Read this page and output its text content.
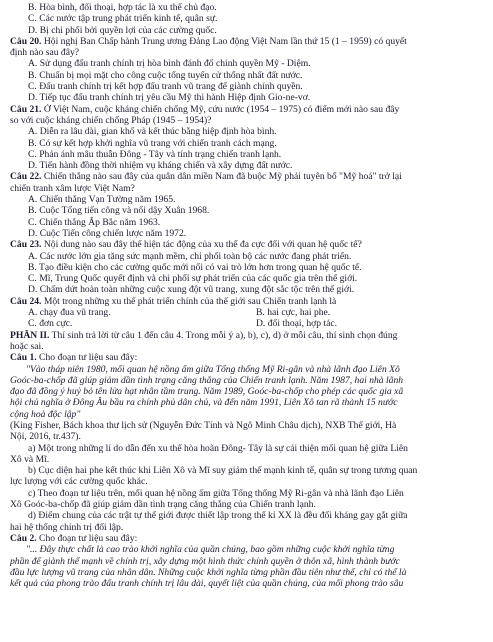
B. Hòa bình, đối thoại, hợp tác là xu thế chủ đạo.

C. Các nước tập trung phát triển kinh tế, quân sự.

D. Bị chi phối bởi quyền lợi của các cường quốc.

Câu 20. Hội nghị Ban Chấp hành Trung ương Đảng Lao động Việt Nam lần thứ 15 (1 – 1959) có quyết

định nào sau đây?

A. Sử dụng đấu tranh chính trị hòa bình đánh đổ chính quyền Mỹ - Diệm.

B. Chuẩn bị mọi mặt cho công cuộc tổng tuyển cử thống nhất đất nước.

C. Đấu tranh chính trị kết hợp đấu tranh vũ trang để giành chính quyền.

D. Tiếp tục đấu tranh chính trị yêu cầu Mỹ thi hành Hiệp định Gio-ne-vơ.

Câu 21. Ở Việt Nam, cuộc kháng chiến chống Mỹ, cứu nước (1954 – 1975) có điểm mới nào sau đây

so với cuộc kháng chiến chống Pháp (1945 – 1954)?

A. Diễn ra lâu dài, gian khổ và kết thúc bằng hiệp định hòa bình.

B. Có sự kết hợp khởi nghĩa vũ trang với chiến tranh cách mạng.

C. Phản ánh mâu thuẫn Đông - Tây và tính trạng chiến tranh lạnh.

D. Tiến hành đồng thời nhiệm vụ kháng chiến và xây dựng đất nước.

Câu 22. Chiến thắng nào sau đây của quân dân miền Nam đã buộc Mỹ phải tuyên bố "Mỹ hoá" trở lại

chiến tranh xâm lược Việt Nam?

A. Chiến thắng Vạn Tường năm 1965.

B. Cuộc Tổng tiến công và nổi dậy Xuân 1968.

C. Chiến thắng Ấp Bắc năm 1963.

D. Cuộc Tiến công chiến lược năm 1972.

Câu 23. Nội dung nào sau đây thể hiện tác động của xu thế đa cực đối với quan hệ quốc tế?

A. Các nước lớn gia tăng sức mạnh mềm, chi phối toàn bộ các nước đang phát triển.

B. Tạo điều kiện cho các cường quốc mới nổi có vai trò lớn hơn trong quan hệ quốc tế.

C. Mĩ, Trung Quốc quyết định và chi phối sự phát triển của các quốc gia trên thế giới.

D. Chấm dứt hoàn toàn những cuộc xung đột vũ trang, xung đột sắc tộc trên thế giới.

Câu 24. Một trong những xu thế phát triển chính của thế giới sau Chiến tranh lạnh là

A. chạy đua vũ trang.	B. hai cực, hai phe.
C. đơn cực.	D. đối thoại, hợp tác.

PHẦN II. Thí sinh trả lời từ câu 1 đến câu 4. Trong mỗi ý a), b), c), d) ở mỗi câu, thí sinh chọn đúng

hoặc sai.

Câu 1. Cho đoạn tư liệu sau đây:

"Vào tháp niên 1980, mối quan hệ nồng ấm giữa Tổng thống Mỹ Ri-gân và nhà lãnh đạo Liên Xô

Goóc-ba-chốp đã giúp giảm dần tình trạng căng thẳng của Chiến tranh lạnh. Năm 1987, hai nhà lãnh

đạo đã đồng ý huỷ bỏ tên lửa hạt nhân tầm trung. Năm 1989, Goóc-ba-chốp cho phép các quốc gia xã

hội chủ nghĩa ở Đông Âu bầu ra chính phủ dân chủ, và đến năm 1991, Liên Xô tan rã thành 15 nước

cộng hoà độc lập"

(King Fisher, Bách khoa thư lịch sử (Nguyễn Đức Tính và Ngô Minh Châu dịch), NXB Thế giới, Hà

Nội, 2016, tr.437).

a) Một trong những lí do dẫn đến xu thế hòa hoãn Đông- Tây là sự cải thiện mối quan hệ giữa Liên

Xô và Mĩ.

b) Cục diện hai phe kết thúc khi Liên Xô và Mĩ suy giảm thế mạnh kinh tế, quân sự trong tương quan

lực lượng với các cường quốc khác.

c) Theo đoạn tư liệu trên, mối quan hệ nồng ấm giữa Tổng thống Mỹ Ri-gân và nhà lãnh đạo Liên

Xô Goóc-ba-chốp đã giúp giảm dần tình trạng căng thẳng của Chiến tranh lạnh.

d) Điểm chung của các trật tự thế giới được thiết lập trong thế kỉ XX là đều đối kháng gay gắt giữa

hai hệ thống chính trị đối lập.

Câu 2. Cho đoạn tư liệu sau đây:

"... Đây thực chất là cao trào khởi nghĩa của quần chúng, bao gồm những cuộc khởi nghĩa từng

phần để giành thế mạnh về chính trị, xây dựng một hình thức chính quyền ở thôn xã, hình thành bước

đầu lực lượng vũ trang của nhân dân. Những cuộc khởi nghĩa từng phần đầu tiên như thế, chỉ có thể là

kết quả của phong trào đấu tranh chính trị lâu dài, quyết liệt của quần chúng, của mối phong trào sâu
